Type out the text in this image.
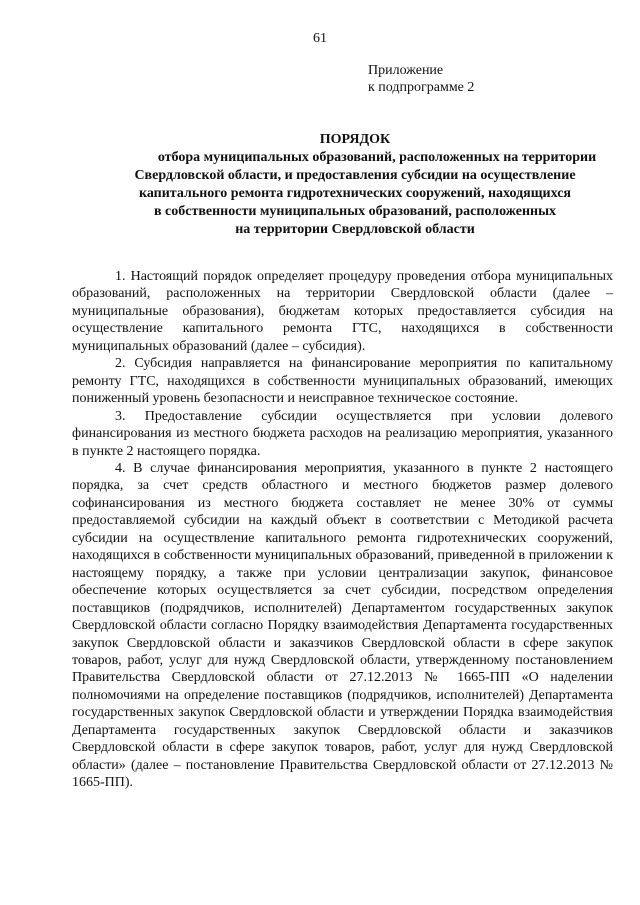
61
Приложение
к подпрограмме 2
ПОРЯДОК
отбора муниципальных образований, расположенных на территории
Свердловской области, и предоставления субсидии на осуществление
капитального ремонта гидротехнических сооружений, находящихся
в собственности муниципальных образований, расположенных
на территории Свердловской области

1. Настоящий порядок определяет процедуру проведения отбора муниципальных образований, расположенных на территории Свердловской области (далее – муниципальные образования), бюджетам которых предоставляется субсидия на осуществление капитального ремонта ГТС, находящихся в собственности муниципальных образований (далее – субсидия).

2. Субсидия направляется на финансирование мероприятия по капитальному ремонту ГТС, находящихся в собственности муниципальных образований, имеющих пониженный уровень безопасности и неисправное техническое состояние.

3. Предоставление субсидии осуществляется при условии долевого финансирования из местного бюджета расходов на реализацию мероприятия, указанного в пункте 2 настоящего порядка.

4. В случае финансирования мероприятия, указанного в пункте 2 настоящего порядка, за счет средств областного и местного бюджетов размер долевого софинансирования из местного бюджета составляет не менее 30% от суммы предоставляемой субсидии на каждый объект в соответствии с Методикой расчета субсидии на осуществление капитального ремонта гидротехнических сооружений, находящихся в собственности муниципальных образований, приведенной в приложении к настоящему порядку, а также при условии централизации закупок, финансовое обеспечение которых осуществляется за счет субсидии, посредством определения поставщиков (подрядчиков, исполнителей) Департаментом государственных закупок Свердловской области согласно Порядку взаимодействия Департамента государственных закупок Свердловской области и заказчиков Свердловской области в сфере закупок товаров, работ, услуг для нужд Свердловской области, утвержденному постановлением Правительства Свердловской области от 27.12.2013 № 1665-ПП «О наделении полномочиями на определение поставщиков (подрядчиков, исполнителей) Департамента государственных закупок Свердловской области и утверждении Порядка взаимодействия Департамента государственных закупок Свердловской области и заказчиков Свердловской области в сфере закупок товаров, работ, услуг для нужд Свердловской области» (далее – постановление Правительства Свердловской области от 27.12.2013 № 1665-ПП).
